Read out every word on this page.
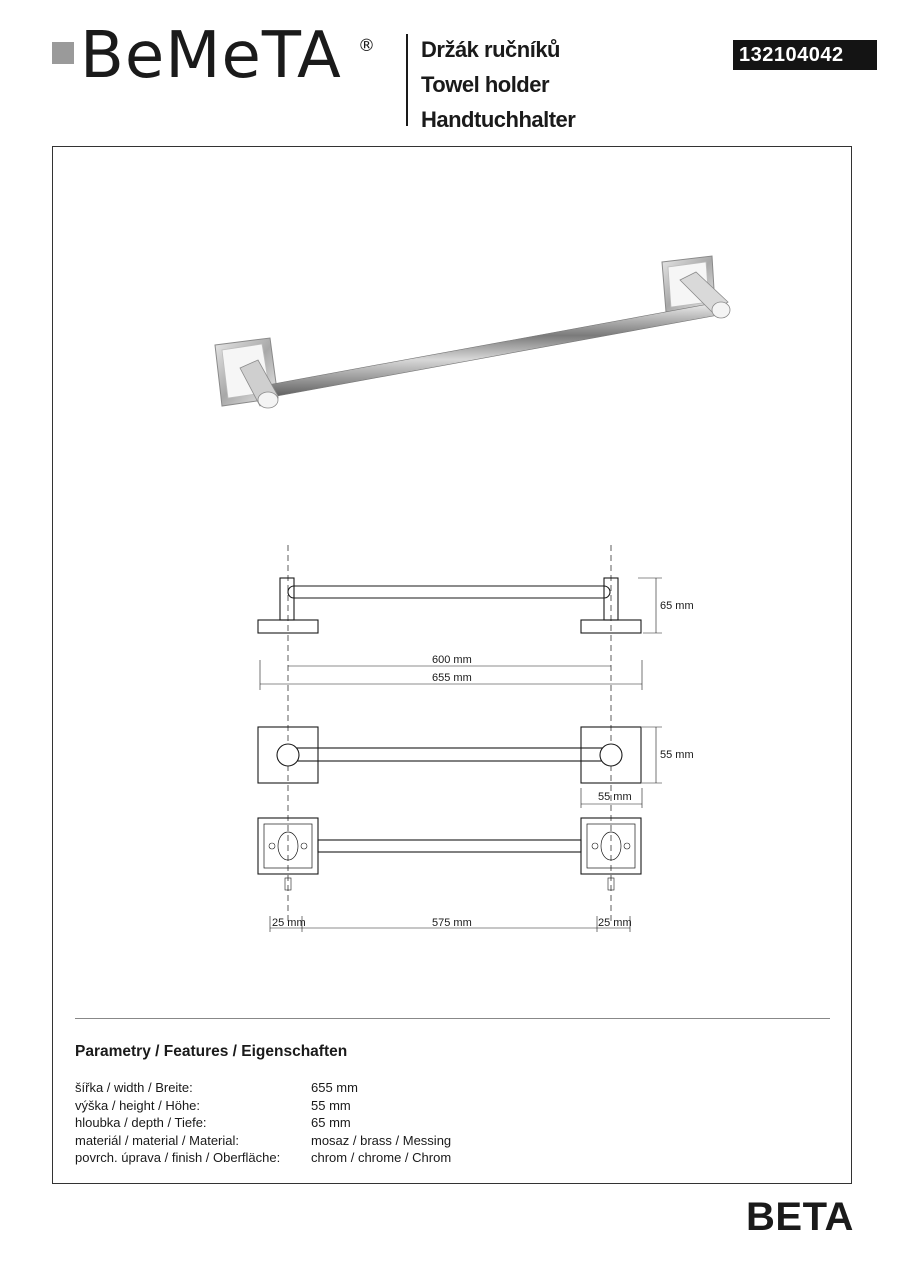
BeMeTA ® Držák ručníků
Towel holder
Handtuchhalter
132104042
65 mm
600 mm
655 mm
55 mm
55 mm
25 mm	575 mm	25 mm
Parametry / Features / Eigenschaften
šířka / width / Breite:	655 mm
výška / height / Höhe:	55 mm
hloubka / depth / Tiefe:	65 mm
materiál / material / Material:	mosaz / brass / Messing
povrch. úprava / finish / Oberfläche: chrom / chrome / Chrom
BETA
